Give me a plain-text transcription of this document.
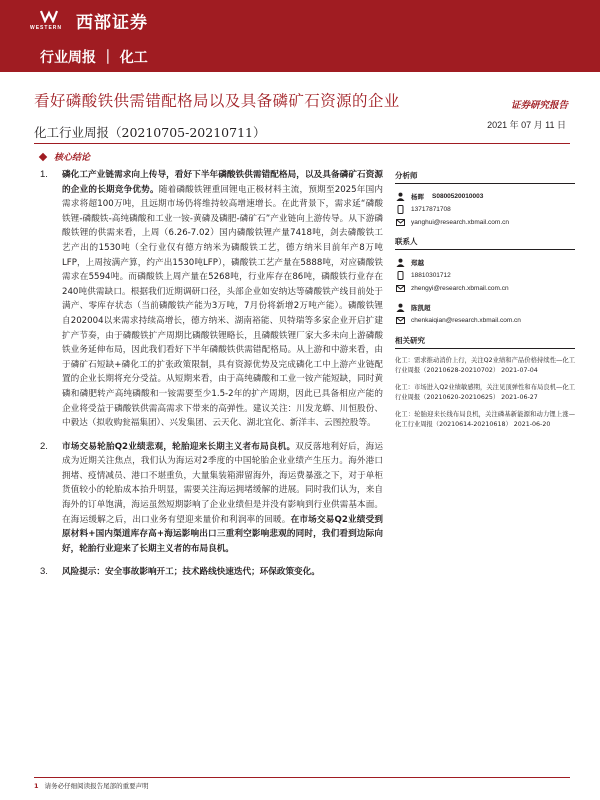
WESTERN 西部证券
行业周报 ｜ 化工
看好磷酸铁供需错配格局以及具备磷矿石资源的企业	证券研究报告
化工行业周报（20210705-20210711）	2021 年 07 月 11 日
核心结论
1.	磷化工产业链需求向上传导，看好下半年磷酸铁供需错配格局，以及具备磷矿石资源的企业的长期竞争优势。随着磷酸铁锂重回锂电正极材料主流，预期至2025年国内需求将超100万吨，且远期市场仍将维持较高增速增长。在此背景下，需求延“磷酸铁锂-磷酸铁-高纯磷酸和工业一铵-黄磷及磷肥-磷矿石”产业链向上游传导。从下游磷酸铁锂的供需来看，上周（6.26-7.02）国内磷酸铁锂产量7418吨，剑去磷酸铁工艺产出的1530吨（全行业仅有德方纳米为磷酸铁工艺，德方纳米目前年产8万吨LFP，上周按满产算，约产出1530吨LFP），磷酸铁工艺产量在5888吨，对应磷酸铁需求在5594吨。而磷酸铁上周产量在5268吨，行业库存在86吨，磷酸铁行业存在240吨供需缺口。根据我们近期调研口径，头部企业如安纳达等磷酸铁产线目前处于满产、零库存状态（当前磷酸铁产能为3万吨，7月份将新增2万吨产能）。磷酸铁锂自202004以来需求持续高增长，德方纳米、湖南裕能、贝特瑞等多家企业开启扩建扩产节奏，由于磷酸铁扩产周期比磷酸铁锂略长，且磷酸铁锂厂家大多未向上游磷酸铁业务延伸布局，因此我们看好下半年磷酸铁供需错配格局。从上游和中游来看，由于磷矿石短缺+磷化工的扩张政策限制，具有资源优势及完成磷化工中上游产业链配置的企业长期将充分受益。从短期来看，由于高纯磷酸和工业一铵产能短缺，同时黄磷和磷肥转产高纯磷酸和一铵需要至少1.5-2年的扩产周期，因此已具备相应产能的企业将受益于磷酸铁供需高需求下带来的高弹性。建议关注：川发龙蟒、川恒股份、中毅达（拟收购瓮福集团）、兴发集团、云天化、湖北宜化、新洋丰、云图控股等。
2.	市场交易轮胎Q2业绩悲观，轮胎迎来长期主义者布局良机。双反落地利好后，海运成为近期关注焦点，我们认为海运对2季度的中国轮胎企业业绩产生压力。海外港口拥堵、疫情减员、港口不堪重负，大量集装箱滞留海外，海运费暴涨之下，对于单柜货值较小的轮胎成本抬升明显，需要关注海运拥堵缓解的进展。同时我们认为，来自海外的订单饱满，海运虽然短期影响了企业业绩但是并没有影响到行业供需基本面。在海运缓解之后，出口业务有望迎来量价和利润率的回暖。在市场交易Q2业绩受到原材料+国内渠道库存高+海运影响出口三重利空影响悲观的同时，我们看到边际向好，轮胎行业迎来了长期主义者的布局良机。
3.	风险提示：安全事故影响开工；技术路线快速迭代；环保政策变化。
分析师
杨晖 S0800520010003
13717871708
yanghui@research.xbmail.com.cn
联系人
郑越
18810301712
zhengyi@research.xbmail.com.cn
陈凯超
chenkaiqian@research.xbmail.com.cn
相关研究
化工：需求推动消价上行，关注Q2业绩和产品价格持续性—化工行业周报（20210628-20210702） 2021-07-04
化工：市场进入Q2业绩敏感期，关注见顶弹性和布局良机—化工行业周报（20210620-20210625） 2021-06-27
化工：轮胎迎来长线布局良机，关注磷基新能源和动力锂上涨—化工行业周报（20210614-20210618） 2021-06-20
1 请务必仔细阅读报告尾部的重要声明
